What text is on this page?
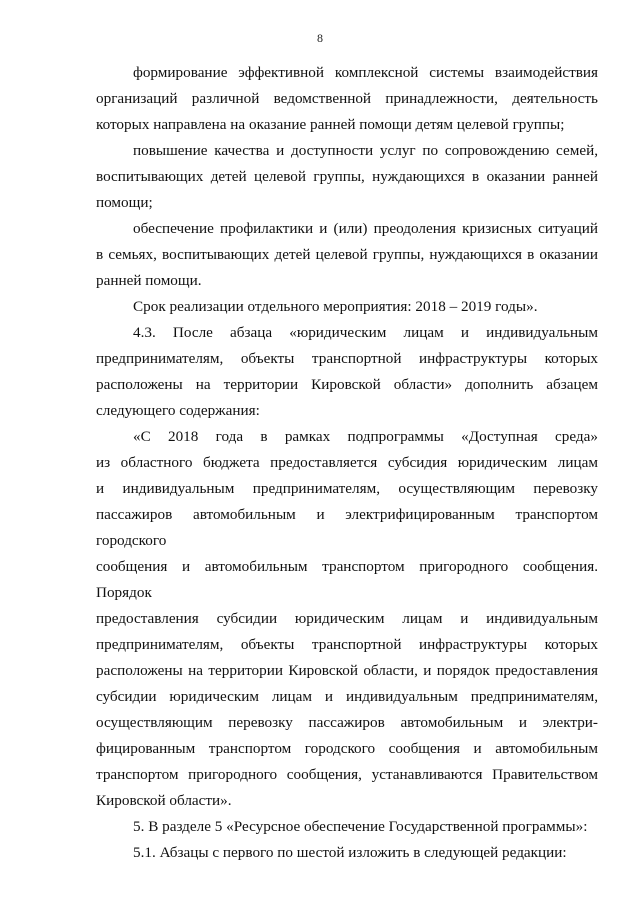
8
формирование эффективной комплексной системы взаимодействия
организаций различной ведомственной принадлежности, деятельность
которых направлена на оказание ранней помощи детям целевой группы;
повышение качества и доступности услуг по сопровождению семей,
воспитывающих детей целевой группы, нуждающихся в оказании ранней
помощи;
обеспечение профилактики и (или) преодоления кризисных ситуаций
в семьях, воспитывающих детей целевой группы, нуждающихся в оказании
ранней помощи.
Срок реализации отдельного мероприятия: 2018 – 2019 годы».
4.3. После абзаца «юридическим лицам и индивидуальным
предпринимателям, объекты транспортной инфраструктуры которых
расположены на территории Кировской области» дополнить абзацем
следующего содержания:
«С 2018 года в рамках подпрограммы «Доступная среда»
из областного бюджета предоставляется субсидия юридическим лицам
и индивидуальным предпринимателям, осуществляющим перевозку
пассажиров автомобильным и электрифицированным транспортом городского
сообщения и автомобильным транспортом пригородного сообщения. Порядок
предоставления субсидии юридическим лицам и индивидуальным
предпринимателям, объекты транспортной инфраструктуры которых
расположены на территории Кировской области, и порядок предоставления
субсидии юридическим лицам и индивидуальным предпринимателям,
осуществляющим перевозку пассажиров автомобильным и электри-
фицированным транспортом городского сообщения и автомобильным
транспортом пригородного сообщения, устанавливаются Правительством
Кировской области».
5. В разделе 5 «Ресурсное обеспечение Государственной программы»:
5.1. Абзацы с первого по шестой изложить в следующей редакции:
